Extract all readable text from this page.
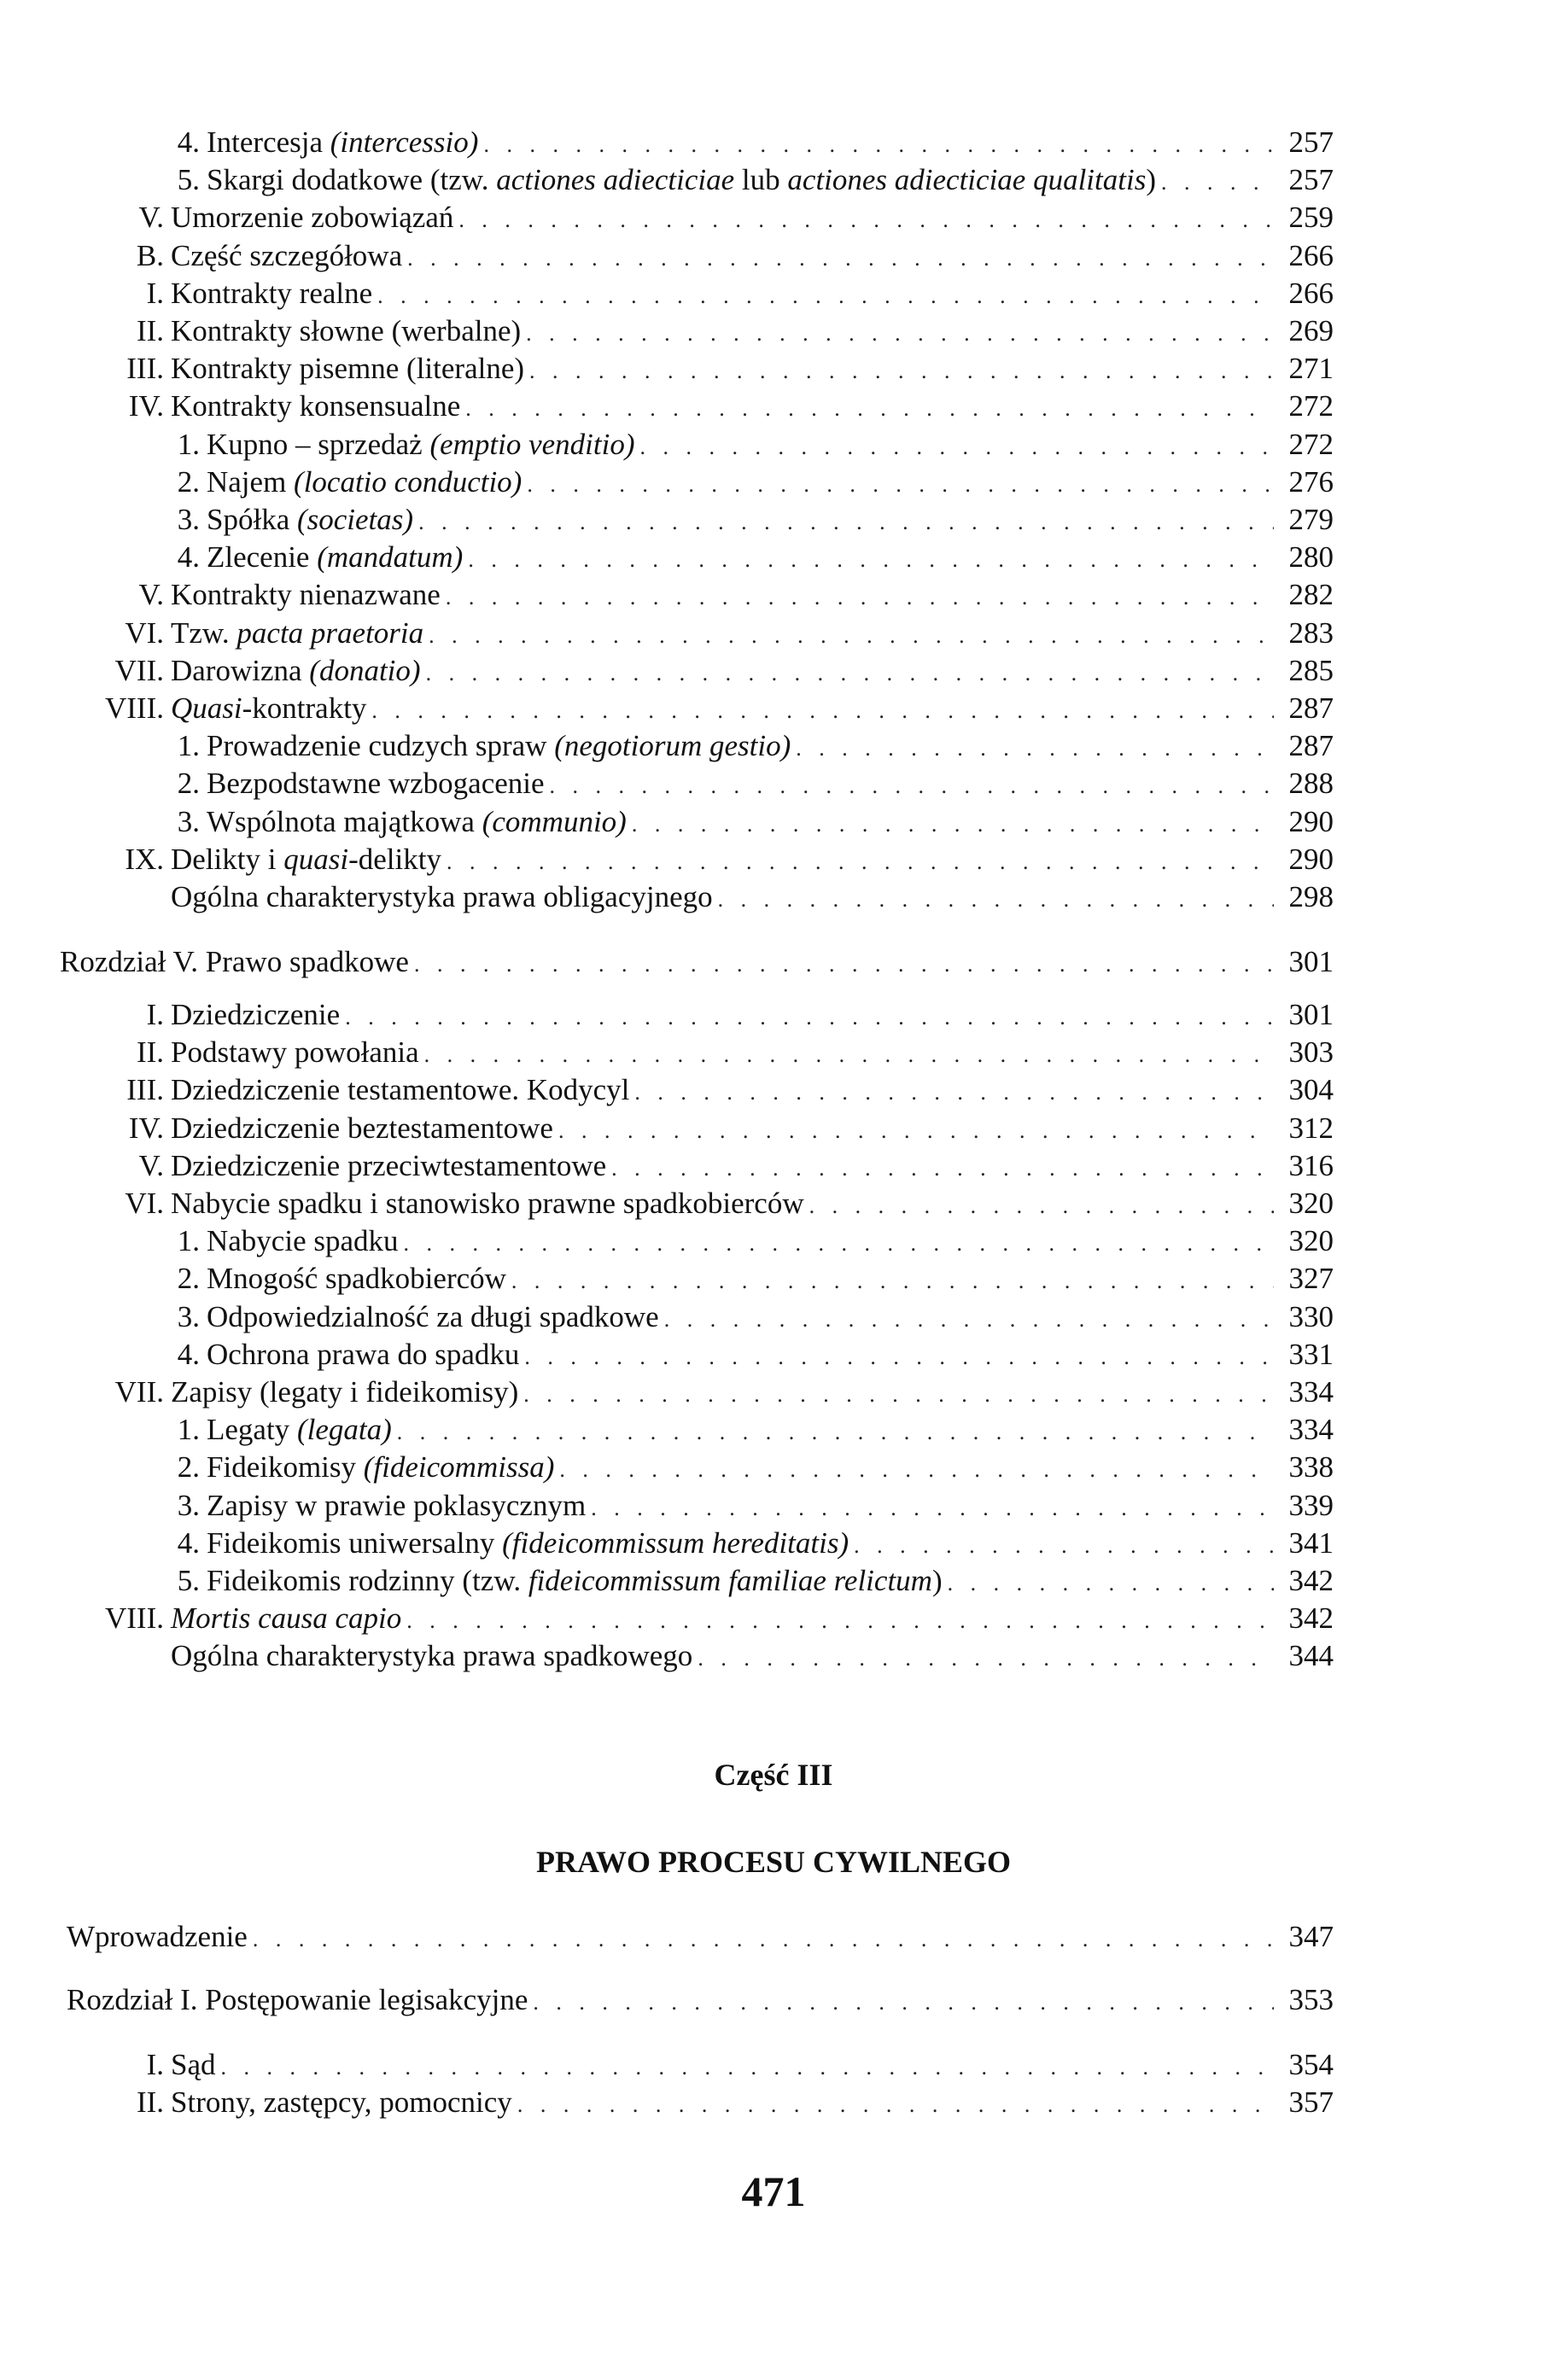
4. Intercesja (intercessio) . . .	257
5. Skargi dodatkowe (tzw. actiones adiecticiae lub actiones adiecticiae qualitatis) . . .	257
V. Umorzenie zobowiązań . . .	259
B. Część szczegółowa . . .	266
I. Kontrakty realne . . .	266
II. Kontrakty słowne (werbalne) . . .	269
III. Kontrakty pisemne (literalne) . . .	271
IV. Kontrakty konsensualne . . .	272
1. Kupno – sprzedaż (emptio venditio) . . .	272
2. Najem (locatio conductio) . . .	276
3. Spółka (societas) . . .	279
4. Zlecenie (mandatum) . . .	280
V. Kontrakty nienazwane . . .	282
VI. Tzw. pacta praetoria . . .	283
VII. Darowizna (donatio) . . .	285
VIII. Quasi-kontrakty . . .	287
1. Prowadzenie cudzych spraw (negotiorum gestio) . . .	287
2. Bezpodstawne wzbogacenie . . .	288
3. Wspólnota majątkowa (communio) . . .	290
IX. Delikty i quasi-delikty . . .	290
Ogólna charakterystyka prawa obligacyjnego . . .	298
Rozdział V. Prawo spadkowe . . .	301
I. Dziedziczenie . . .	301
II. Podstawy powołania . . .	303
III. Dziedziczenie testamentowe. Kodycyl . . .	304
IV. Dziedziczenie beztestamentowe . . .	312
V. Dziedziczenie przeciwtestamentowe . . .	316
VI. Nabycie spadku i stanowisko prawne spadkobierców . . .	320
1. Nabycie spadku . . .	320
2. Mnogość spadkobierców . . .	327
3. Odpowiedzialność za długi spadkowe . . .	330
4. Ochrona prawa do spadku . . .	331
VII. Zapisy (legaty i fideikomisy) . . .	334
1. Legaty (legata) . . .	334
2. Fideikomisy (fideicommissa) . . .	338
3. Zapisy w prawie poklasycznym . . .	339
4. Fideikomis uniwersalny (fideicommissum hereditatis) . . .	341
5. Fideikomis rodzinny (tzw. fideicommissum familiae relictum) . . .	342
VIII. Mortis causa capio . . .	342
Ogólna charakterystyka prawa spadkowego . . .	344
Wprowadzenie . . .	347
Rozdział I. Postępowanie legisakcyjne . . .	353
I. Sąd . . .	354
II. Strony, zastępcy, pomocnicy . . .	357
Część III
PRAWO PROCESU CYWILNEGO
471
